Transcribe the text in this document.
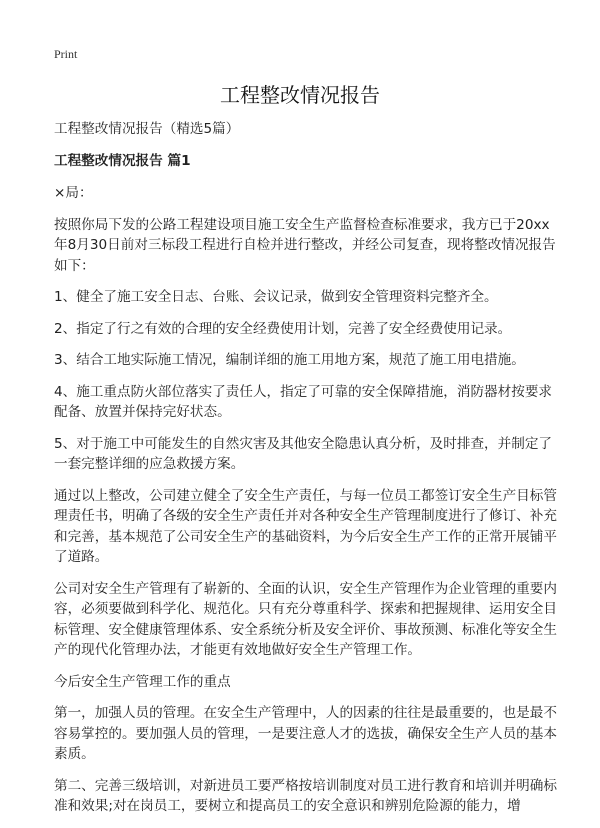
Print
工程整改情况报告

工程整改情况报告（精选5篇）

工程整改情况报告 篇1

×局：

按照你局下发的公路工程建设项目施工安全生产监督检查标准要求，我方已于20xx年8月30日前对三标段工程进行自检并进行整改，并经公司复查，现将整改情况报告如下：

1、健全了施工安全日志、台账、会议记录，做到安全管理资料完整齐全。

2、指定了行之有效的合理的安全经费使用计划，完善了安全经费使用记录。

3、结合工地实际施工情况，编制详细的施工用地方案，规范了施工用电措施。

4、施工重点防火部位落实了责任人，指定了可靠的安全保障措施，消防器材按要求配备、放置并保持完好状态。

5、对于施工中可能发生的自然灾害及其他安全隐患认真分析，及时排查，并制定了一套完整详细的应急救援方案。

通过以上整改，公司建立健全了安全生产责任，与每一位员工都签订安全生产目标管理责任书，明确了各级的安全生产责任并对各种安全生产管理制度进行了修订、补充和完善，基本规范了公司安全生产的基础资料，为今后安全生产工作的正常开展铺平了道路。

公司对安全生产管理有了崭新的、全面的认识，安全生产管理作为企业管理的重要内容，必须要做到科学化、规范化。只有充分尊重科学、探索和把握规律、运用安全目标管理、安全健康管理体系、安全系统分析及安全评价、事故预测、标准化等安全生产的现代化管理办法，才能更有效地做好安全生产管理工作。

今后安全生产管理工作的重点

第一，加强人员的管理。在安全生产管理中，人的因素的往往是最重要的，也是最不容易掌控的。要加强人员的管理，一是要注意人才的选拔，确保安全生产人员的基本素质。

第二、完善三级培训，对新进员工要严格按培训制度对员工进行教育和培训并明确标准和效果;对在岗员工，要树立和提高员工的安全意识和辨别危险源的能力，增
